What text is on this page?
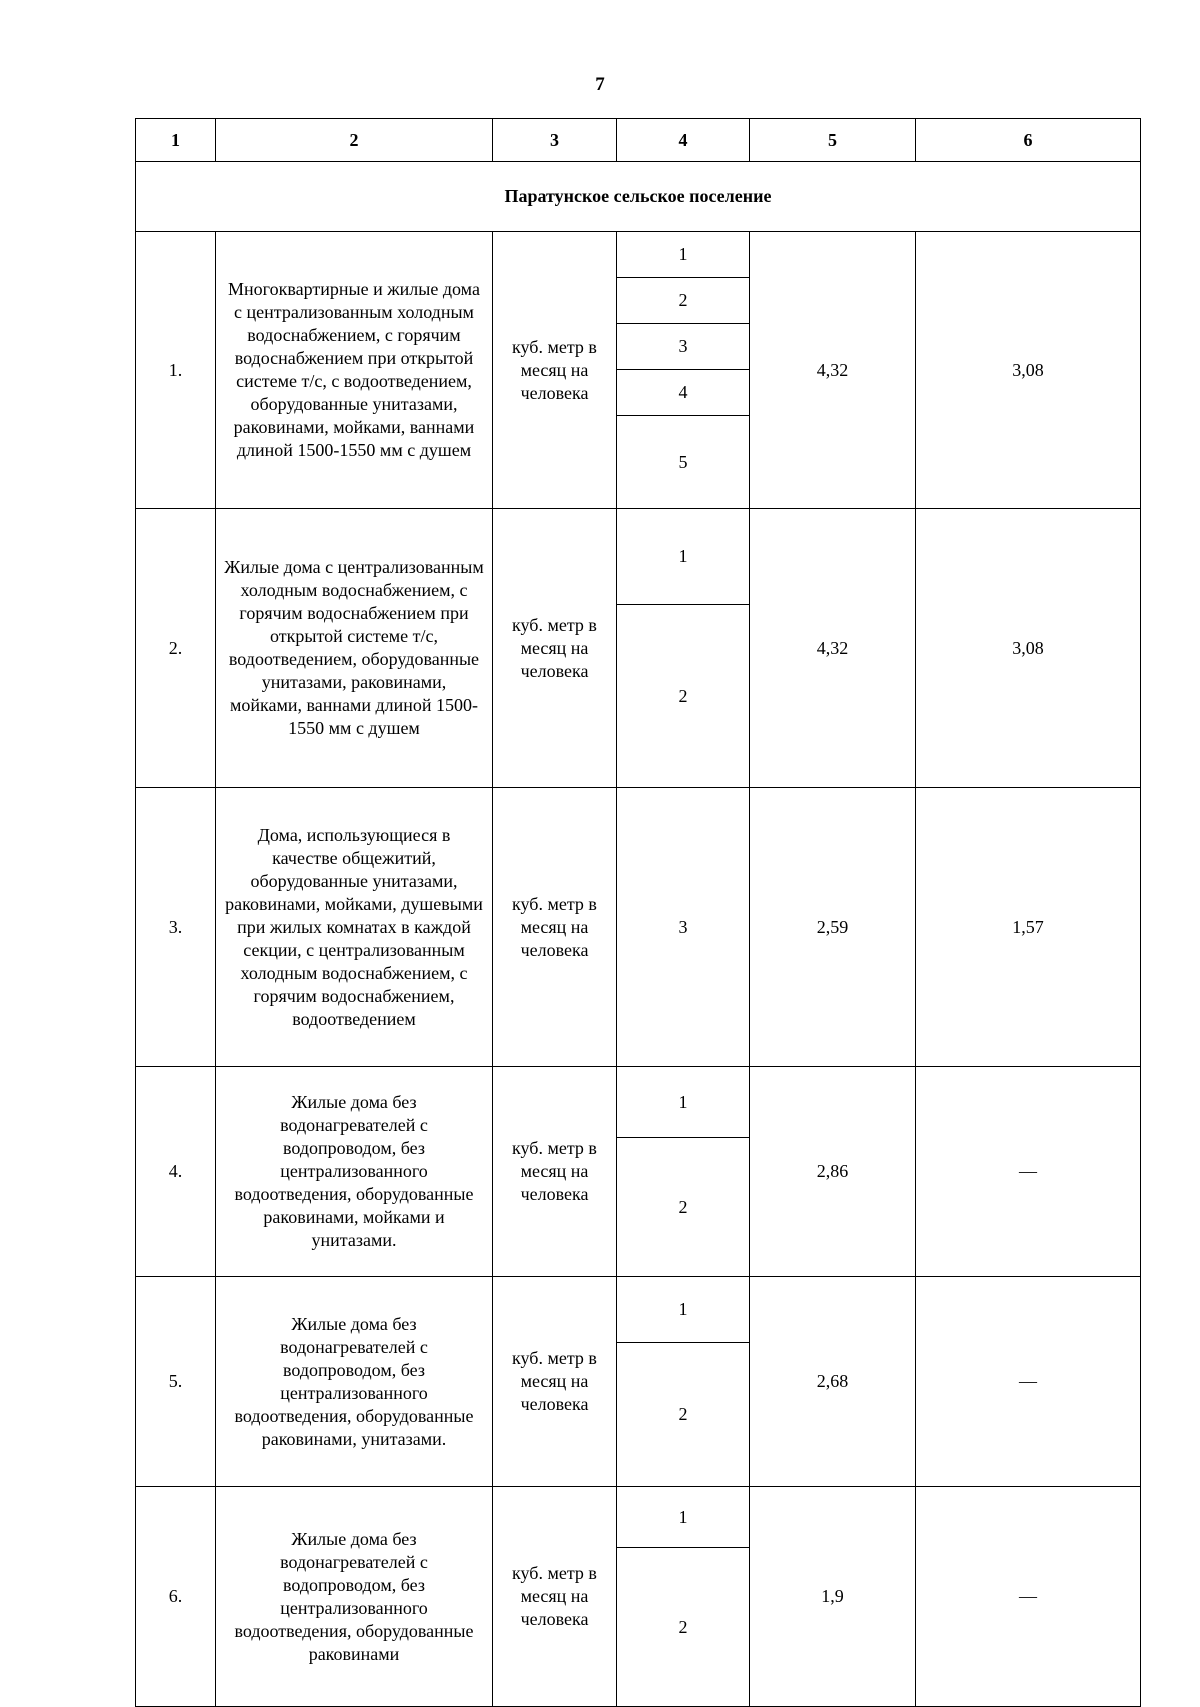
7
1	2	3	4	5	6
Паратунское сельское поселение					
1.	Многоквартирные и жилые дома с централизованным холодным водоснабжением, с горячим водоснабжением при открытой системе т/с, с водоотведением, оборудованные унитазами, раковинами, мойками, ваннами длиной 1500-1550 мм с душем	куб. метр в месяц на человека	1	4,32	3,08
			2		
			3		
			4		
			5		
2.	Жилые дома с централизованным холодным водоснабжением, с горячим водоснабжением при открытой системе т/с, водоотведением, оборудованные унитазами, раковинами, мойками, ваннами длиной 1500-1550 мм с душем	куб. метр в месяц на человека	1	4,32	3,08
			2		
3.	Дома, использующиеся в качестве общежитий, оборудованные унитазами, раковинами, мойками, душевыми при жилых комнатах в каждой секции, с централизованным холодным водоснабжением, с горячим водоснабжением, водоотведением	куб. метр в месяц на человека	3	2,59	1,57
4.	Жилые дома без водонагревателей с водопроводом, без централизованного водоотведения, оборудованные раковинами, мойками и унитазами.	куб. метр в месяц на человека	1	2,86	—
			2		
5.	Жилые дома без водонагревателей с водопроводом, без централизованного водоотведения, оборудованные раковинами, унитазами.	куб. метр в месяц на человека	1	2,68	—
			2		
6.	Жилые дома без водонагревателей с водопроводом, без централизованного водоотведения, оборудованные раковинами	куб. метр в месяц на человека	1	1,9	—
			2		
